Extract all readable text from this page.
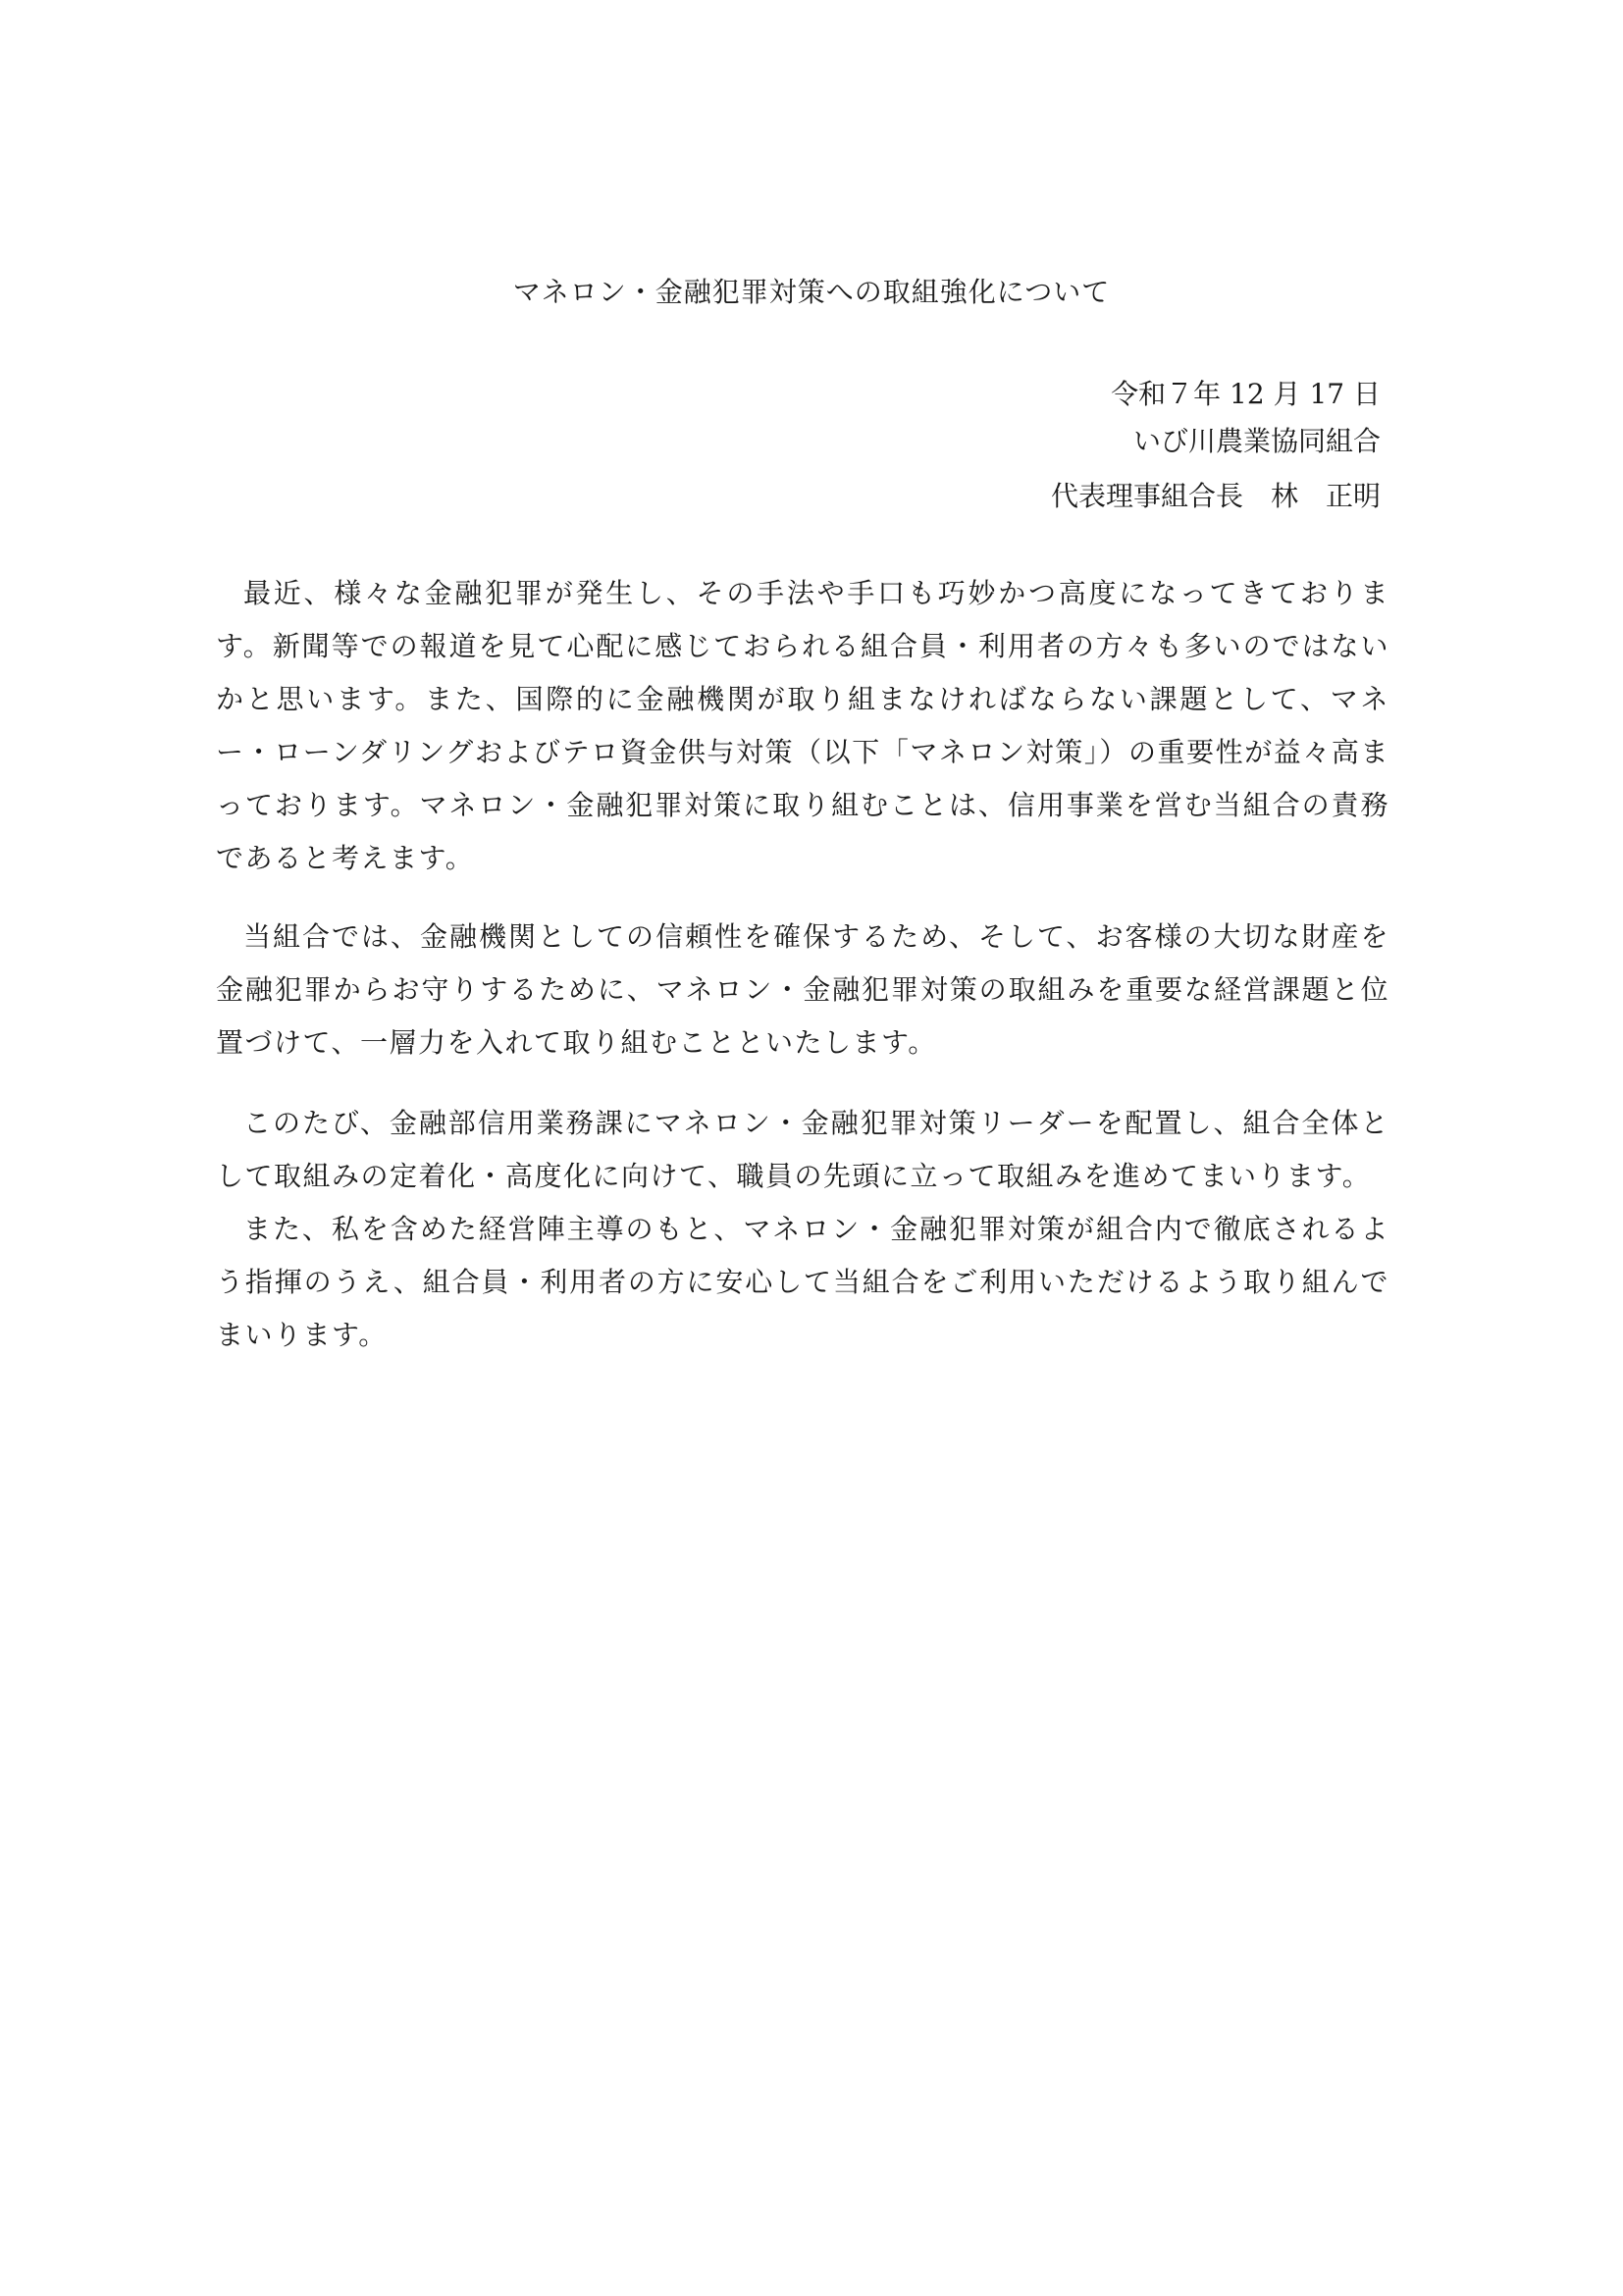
マネロン・金融犯罪対策への取組強化について
令和７年 12 月 17 日
いび川農業協同組合
代表理事組合長　林　正明

最近、様々な金融犯罪が発生し、その手法や手口も巧妙かつ高度になってきております。新聞等での報道を見て心配に感じておられる組合員・利用者の方々も多いのではないかと思います。また、国際的に金融機関が取り組まなければならない課題として、マネー・ローンダリングおよびテロ資金供与対策（以下「マネロン対策」）の重要性が益々高まっております。マネロン・金融犯罪対策に取り組むことは、信用事業を営む当組合の責務であると考えます。

当組合では、金融機関としての信頼性を確保するため、そして、お客様の大切な財産を金融犯罪からお守りするために、マネロン・金融犯罪対策の取組みを重要な経営課題と位置づけて、一層力を入れて取り組むことといたします。

このたび、金融部信用業務課にマネロン・金融犯罪対策リーダーを配置し、組合全体として取組みの定着化・高度化に向けて、職員の先頭に立って取組みを進めてまいります。

また、私を含めた経営陣主導のもと、マネロン・金融犯罪対策が組合内で徹底されるよう指揮のうえ、組合員・利用者の方に安心して当組合をご利用いただけるよう取り組んでまいります。
